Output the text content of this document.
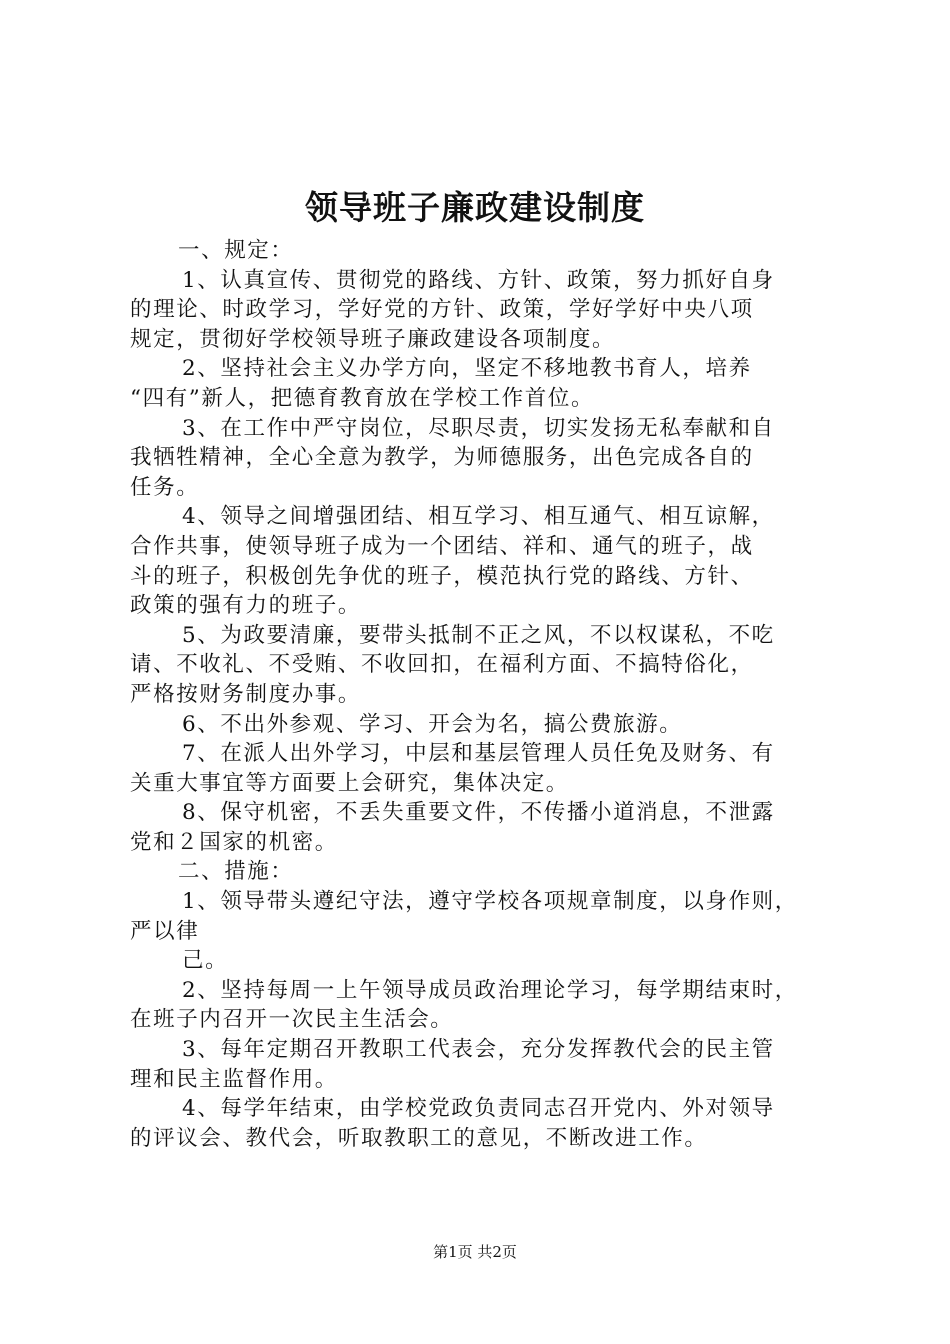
领导班子廉政建设制度
一、规定：
1、认真宣传、贯彻党的路线、方针、政策，努力抓好自身
的理论、时政学习，学好党的方针、政策，学好学好中央八项
规定，贯彻好学校领导班子廉政建设各项制度。
2、坚持社会主义办学方向，坚定不移地教书育人，培养
“四有”新人，把德育教育放在学校工作首位。
3、在工作中严守岗位，尽职尽责，切实发扬无私奉献和自
我牺牲精神，全心全意为教学，为师德服务，出色完成各自的
任务。
4、领导之间增强团结、相互学习、相互通气、相互谅解，
合作共事，使领导班子成为一个团结、祥和、通气的班子，战
斗的班子，积极创先争优的班子，模范执行党的路线、方针、
政策的强有力的班子。
5、为政要清廉，要带头抵制不正之风，不以权谋私，不吃
请、不收礼、不受贿、不收回扣，在福利方面、不搞特俗化，
严格按财务制度办事。
6、不出外参观、学习、开会为名，搞公费旅游。
7、在派人出外学习，中层和基层管理人员任免及财务、有
关重大事宜等方面要上会研究，集体决定。
8、保守机密，不丢失重要文件，不传播小道消息，不泄露
党和２国家的机密。
二、措施：
1、领导带头遵纪守法，遵守学校各项规章制度，以身作则，
严以律
己。
2、坚持每周一上午领导成员政治理论学习，每学期结束时，
在班子内召开一次民主生活会。
3、每年定期召开教职工代表会，充分发挥教代会的民主管
理和民主监督作用。
4、每学年结束，由学校党政负责同志召开党内、外对领导
的评议会、教代会，听取教职工的意见，不断改进工作。
第1页 共2页
